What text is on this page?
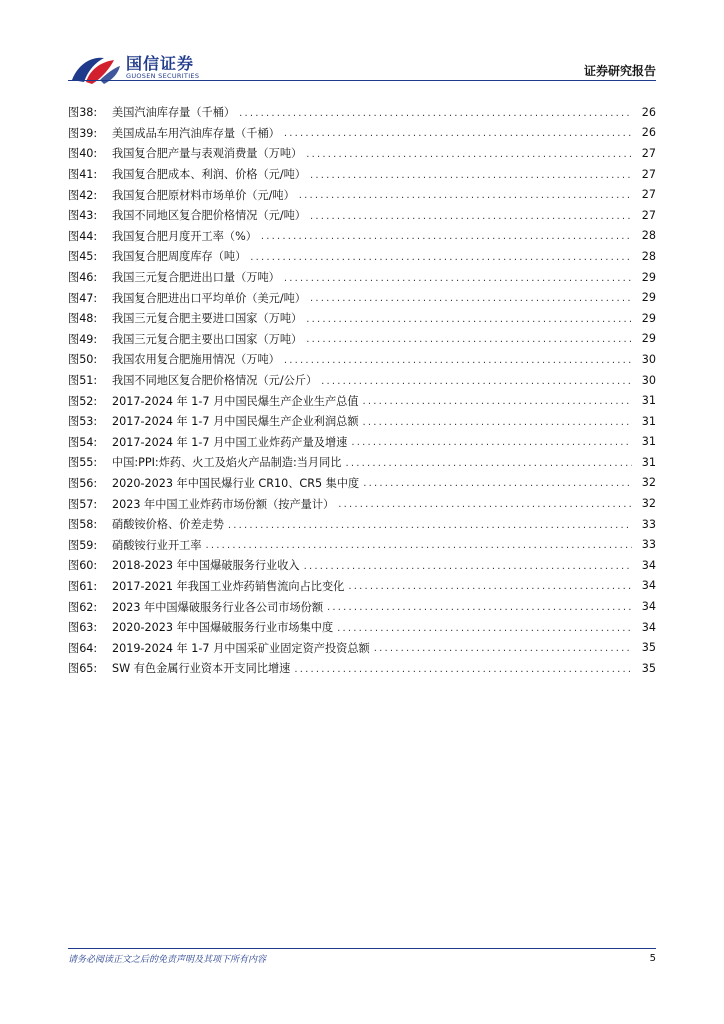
国信证券
GUOSEN SECURITIES	证券研究报告
图38:	美国汽油库存量（千桶） .....	26
图39:	美国成品车用汽油库存量（千桶） .....	26
图40:	我国复合肥产量与表观消费量（万吨） .....	27
图41:	我国复合肥成本、利润、价格（元/吨） .....	27
图42:	我国复合肥原材料市场单价（元/吨） .....	27
图43:	我国不同地区复合肥价格情况（元/吨） .....	27
图44:	我国复合肥月度开工率（%） .....	28
图45:	我国复合肥周度库存（吨） .....	28
图46:	我国三元复合肥进出口量（万吨） .....	29
图47:	我国复合肥进出口平均单价（美元/吨） .....	29
图48:	我国三元复合肥主要进口国家（万吨） .....	29
图49:	我国三元复合肥主要出口国家（万吨） .....	29
图50:	我国农用复合肥施用情况（万吨） .....	30
图51:	我国不同地区复合肥价格情况（元/公斤） .....	30
图52:	2017-2024 年 1-7 月中国民爆生产企业生产总值 .....	31
图53:	2017-2024 年 1-7 月中国民爆生产企业利润总额 .....	31
图54:	2017-2024 年 1-7 月中国工业炸药产量及增速 .....	31
图55:	中国:PPI:炸药、火工及焰火产品制造:当月同比 .....	31
图56:	2020-2023 年中国民爆行业 CR10、CR5 集中度 .....	32
图57:	2023 年中国工业炸药市场份额（按产量计） .....	32
图58:	硝酸铵价格、价差走势 .....	33
图59:	硝酸铵行业开工率 .....	33
图60:	2018-2023 年中国爆破服务行业收入 .....	34
图61:	2017-2021 年我国工业炸药销售流向占比变化 .....	34
图62:	2023 年中国爆破服务行业各公司市场份额 .....	34
图63:	2020-2023 年中国爆破服务行业市场集中度 .....	34
图64:	2019-2024 年 1-7 月中国采矿业固定资产投资总额 .....	35
图65:	SW 有色金属行业资本开支同比增速 .....	35
请务必阅读正文之后的免责声明及其项下所有内容	5
